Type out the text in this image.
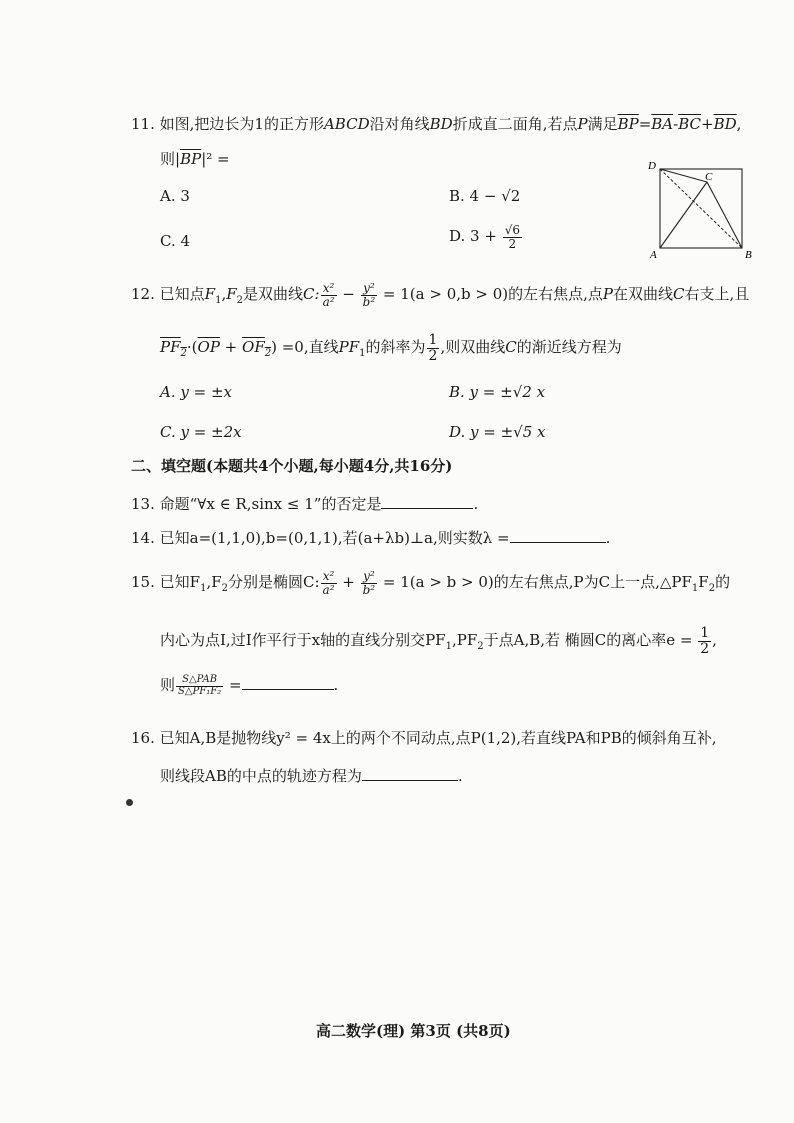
11. 如图,把边长为1的正方形ABCD沿对角线BD折成直二面角,若点P满足$\overline{BP}=\overline{BA}-\overline{BC}+\overline{BD}$,
则$|\overline{BP}|^2$ =
A. 3	B. 4 − √2
C. 4	D. $3 + \frac{√6}{2}$
D
C
A	B
12. 已知点$F_1,F_2$是双曲线C: $\frac{\text{x²}}{\text{a²}} - \frac{\text{y²}}{\text{b²}} = 1(a > 0,b > 0)$的左右焦点,点P在双曲线C右支上,且
$PF_2\cdot(\overline{OP} + OF_2) =0$,直线$PF_1$的斜率为 $\frac{1}{2}$ ,则双曲线C的渐近线方程为
A. y = ±x	B. y = ±√2 x
C. y = ±2x	D. y = ±√5 x
二、填空题(本题共4个小题,每小题4分,共16分)
13. 命题“∀x ∈ R,sinx ≤ 1”的否定是	.
14. 已知a=(1,1,0),b=(0,1,1),若(a+λb)⊥a,则实数λ =	.
15. 已知$F_1,F_2$分别是椭圆C: $\frac{\text{x²}}{\text{a²}} + \frac{\text{y²}}{\text{b²}} = 1(a > b > 0)$的左右焦点,P为C上一点$,\triangle PF_1F_2$的
内心为点I,过I作平行于x轴的直线分别交$PF_1,PF_2$于点A,B,若 椭圆C的离心率$e = \frac{1}{2}$ ,
则 $\frac{\text{S△PAB}}{\text{S△PF₁F₂}}$ =	.
16. 已知A,B是抛物线y² = 4x上的两个不同动点,点P(1,2),若直线PA和PB的倾斜角互补,
则线段AB的中点的轨迹方程为	.
高二数学(理) 第3页 (共8页)
